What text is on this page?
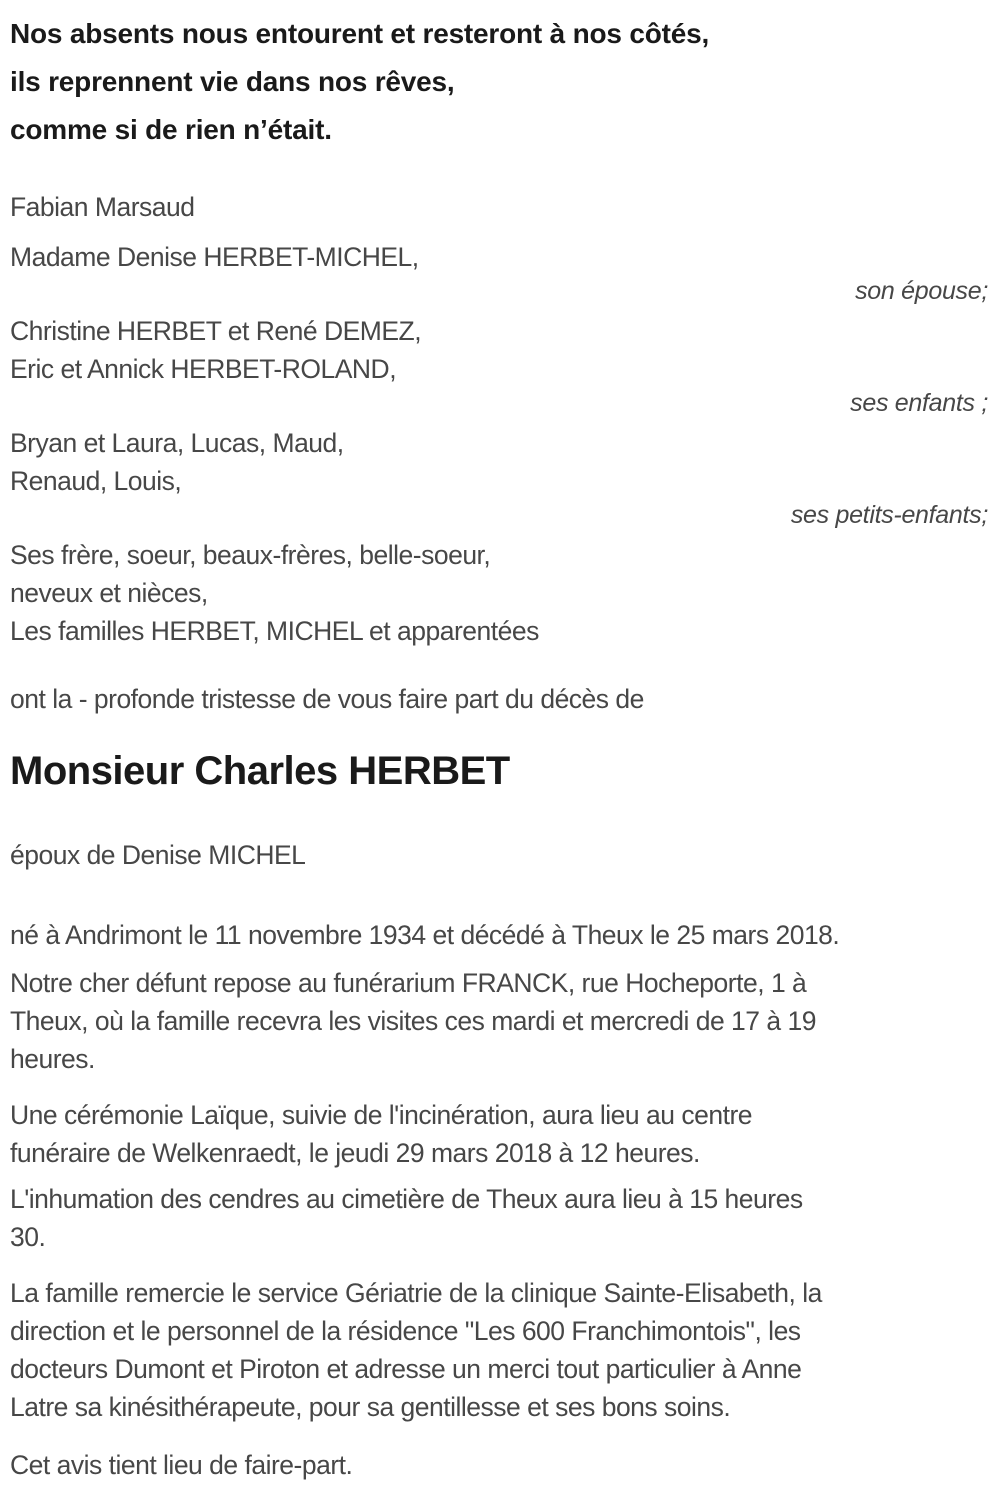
Nos absents nous entourent et resteront à nos côtés,
ils reprennent vie dans nos rêves,
comme si de rien n’était.
Fabian Marsaud
Madame Denise HERBET-MICHEL,
son épouse;
Christine HERBET et René DEMEZ,
Eric et Annick HERBET-ROLAND,
ses enfants ;
Bryan et Laura, Lucas, Maud,
Renaud, Louis,
ses petits-enfants;
Ses frère, soeur, beaux-frères, belle-soeur,
neveux et nièces,
Les familles HERBET, MICHEL et apparentées
ont la - profonde tristesse de vous faire part du décès de
Monsieur Charles HERBET
époux de Denise MICHEL
né à Andrimont le 11 novembre 1934 et décédé à Theux le 25 mars 2018.
Notre cher défunt repose au funérarium FRANCK, rue Hocheporte, 1 à
Theux, où la famille recevra les visites ces mardi et mercredi de 17 à 19
heures.
Une cérémonie Laïque, suivie de l'incinération, aura lieu au centre
funéraire de Welkenraedt, le jeudi 29 mars 2018 à 12 heures.
L'inhumation des cendres au cimetière de Theux aura lieu à 15 heures
30.
La famille remercie le service Gériatrie de la clinique Sainte-Elisabeth, la
direction et le personnel de la résidence "Les 600 Franchimontois", les
docteurs Dumont et Piroton et adresse un merci tout particulier à Anne
Latre sa kinésithérapeute, pour sa gentillesse et ses bons soins.
Cet avis tient lieu de faire-part.
